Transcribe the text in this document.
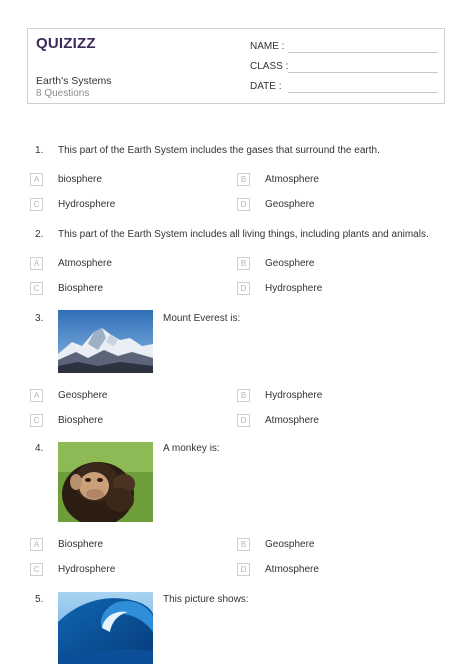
QUIZIZZ
Earth's Systems
8 Questions
NAME :
CLASS :
DATE :
1. This part of the Earth System includes the gases that surround the earth.
A	biosphere	B	Atmosphere
C	Hydrosphere	D	Geosphere
2. This part of the Earth System includes all living things, including plants and animals.
A	Atmosphere	B	Geosphere
C	Biosphere	D	Hydrosphere
3.	Mount Everest is:
A	Geosphere	B	Hydrosphere
C	Biosphere	D	Atmosphere
4.	A monkey is:
A	Biosphere	B	Geosphere
C	Hydrosphere	D	Atmosphere
5.	This picture shows:
